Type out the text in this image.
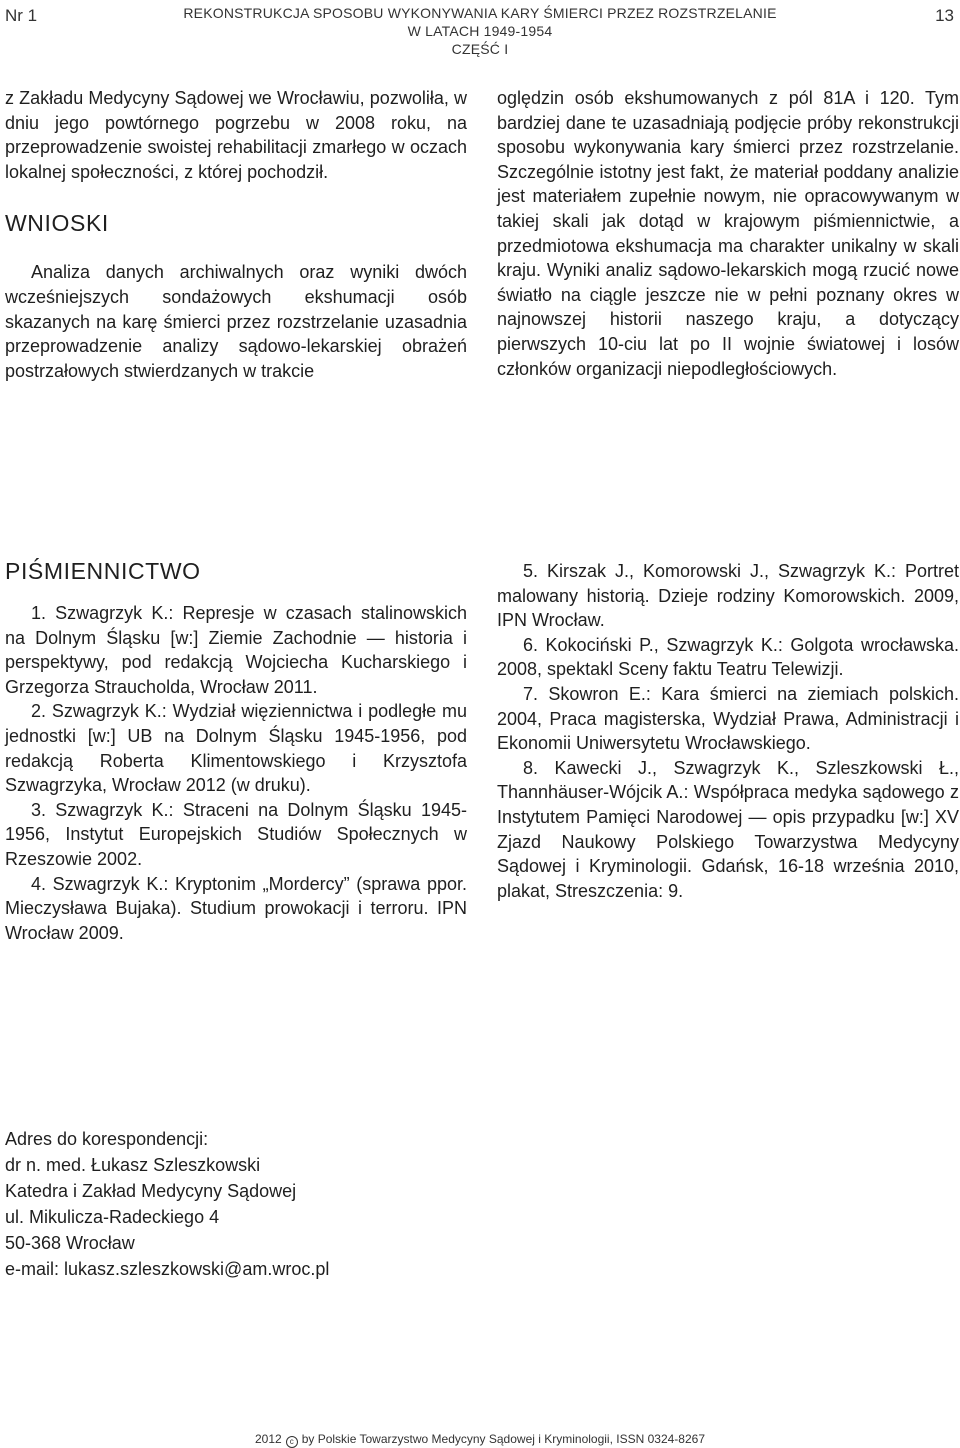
Nr 1	REKONSTRUKCJA SPOSOBU WYKONYWANIA KARY ŚMIERCI PRZEZ ROZSTRZELANIE
W LATACH 1949-1954
CZĘŚĆ I
13

z Zakładu Medycyny Sądowej we Wrocławiu, pozwoliła, w dniu jego powtórnego pogrzebu w 2008 roku, na przeprowadzenie swoistej rehabilitacji zmarłego w oczach lokalnej społeczności, z której pochodził.

WNIOSKI

Analiza danych archiwalnych oraz wyniki dwóch wcześniejszych sondażowych ekshumacji osób skazanych na karę śmierci przez rozstrzelanie uzasadnia przeprowadzenie analizy sądowo-lekarskiej obrażeń postrzałowych stwierdzanych w trakcie

oględzin osób ekshumowanych z pól 81A i 120. Tym bardziej dane te uzasadniają podjęcie próby rekonstrukcji sposobu wykonywania kary śmierci przez rozstrzelanie. Szczególnie istotny jest fakt, że materiał poddany analizie jest materiałem zupełnie nowym, nie opracowywanym w takiej skali jak dotąd w krajowym piśmiennictwie, a przedmiotowa ekshumacja ma charakter unikalny w skali kraju. Wyniki analiz sądowo-lekarskich mogą rzucić nowe światło na ciągle jeszcze nie w pełni poznany okres w najnowszej historii naszego kraju, a dotyczący pierwszych 10-ciu lat po II wojnie światowej i losów członków organizacji niepodległościowych.

PIŚMIENNICTWO

1. Szwagrzyk K.: Represje w czasach stalinowskich na Dolnym Śląsku [w:] Ziemie Zachodnie — historia i perspektywy, pod redakcją Wojciecha Kucharskiego i Grzegorza Straucholda, Wrocław 2011.

2. Szwagrzyk K.: Wydział więziennictwa i podległe mu jednostki [w:] UB na Dolnym Śląsku 1945-1956, pod redakcją Roberta Klimentowskiego i Krzysztofa Szwagrzyka, Wrocław 2012 (w druku).

3. Szwagrzyk K.: Straceni na Dolnym Śląsku 1945-1956, Instytut Europejskich Studiów Społecznych w Rzeszowie 2002.

4. Szwagrzyk K.: Kryptonim „Mordercy” (sprawa ppor. Mieczysława Bujaka). Studium prowokacji i terroru. IPN Wrocław 2009.

5. Kirszak J., Komorowski J., Szwagrzyk K.: Portret malowany historią. Dzieje rodziny Komorowskich. 2009, IPN Wrocław.

6. Kokociński P., Szwagrzyk K.: Golgota wrocławska. 2008, spektakl Sceny faktu Teatru Telewizji.

7. Skowron E.: Kara śmierci na ziemiach polskich. 2004, Praca magisterska, Wydział Prawa, Administracji i Ekonomii Uniwersytetu Wrocławskiego.

8. Kawecki J., Szwagrzyk K., Szleszkowski Ł., Thannhäuser-Wójcik A.: Współpraca medyka sądowego z Instytutem Pamięci Narodowej — opis przypadku [w:] XV Zjazd Naukowy Polskiego Towarzystwa Medycyny Sądowej i Kryminologii. Gdańsk, 16-18 września 2010, plakat, Streszczenia: 9.

Adres do korespondencji:
dr n. med. Łukasz Szleszkowski
Katedra i Zakład Medycyny Sądowej
ul. Mikulicza-Radeckiego 4
50-368 Wrocław
e-mail: lukasz.szleszkowski@am.wroc.pl
2012 c by Polskie Towarzystwo Medycyny Sądowej i Kryminologii, ISSN 0324-8267
